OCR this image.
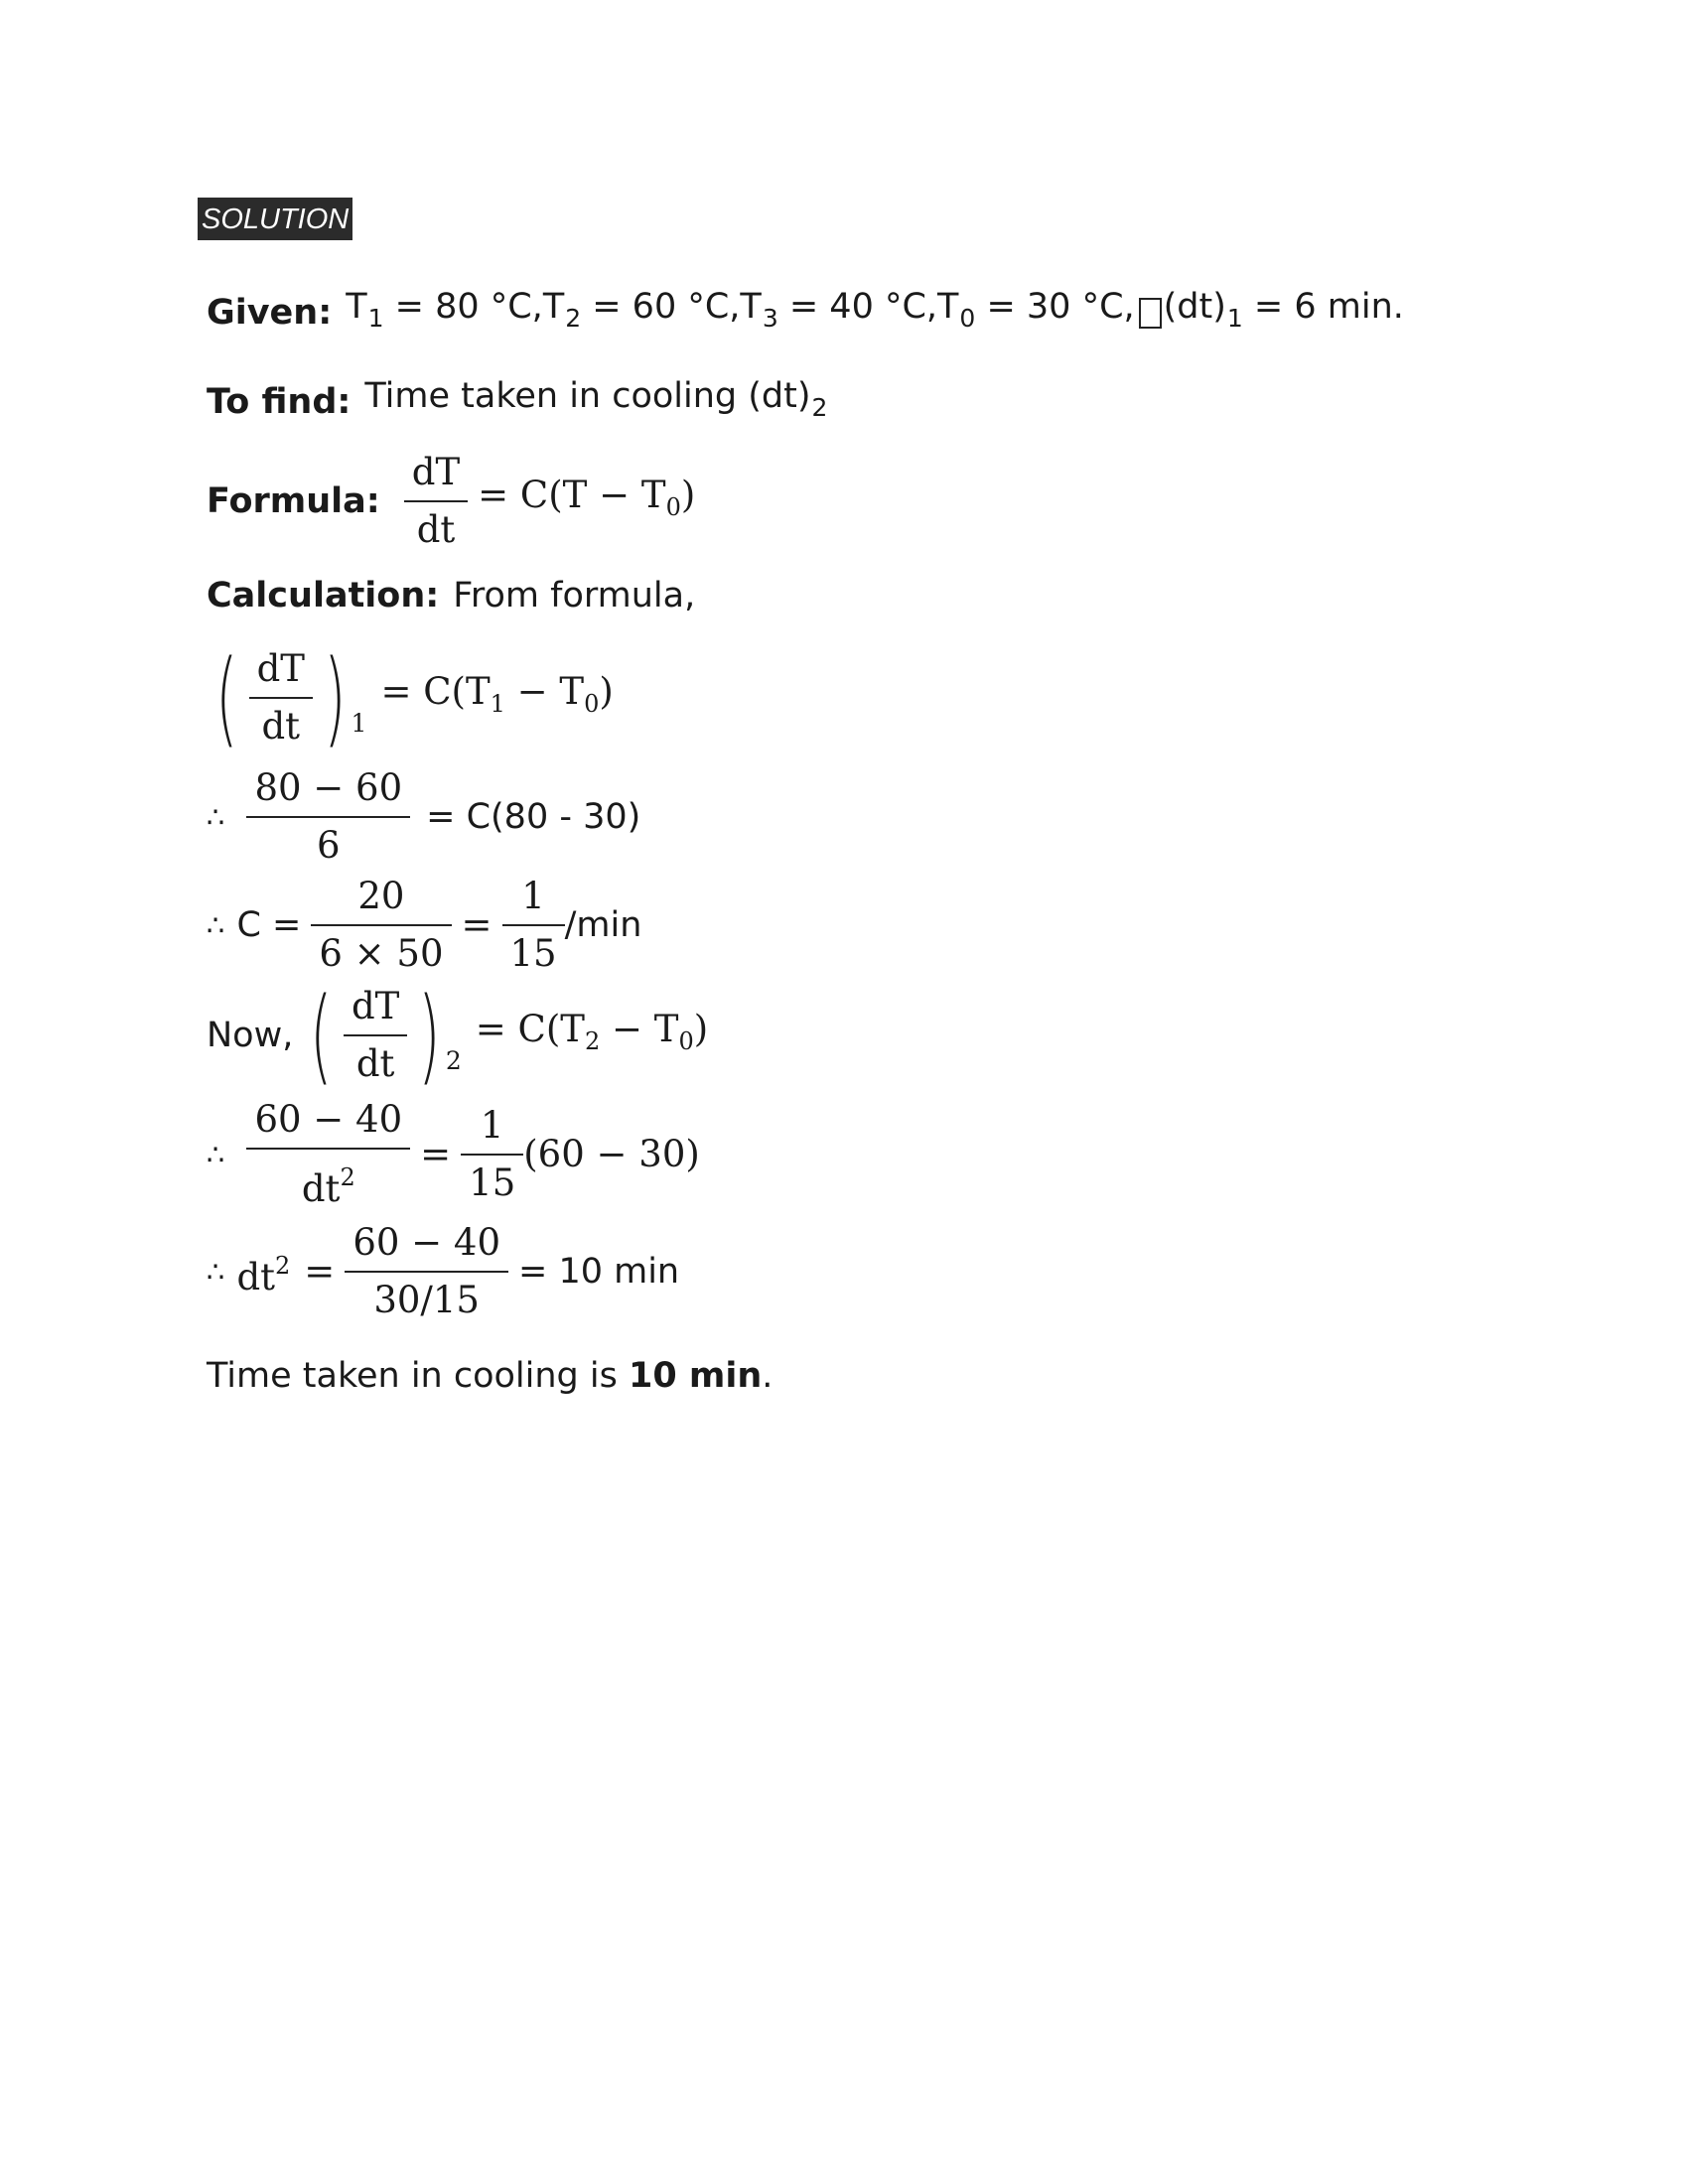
SOLUTION
Given: $T_1 = 80$ °C, $T_2 = 60$ °C, $T_3 = 40$ °C, $T_0 = 30$ °C, $(dt)_1 = 6$ min.
To find: Time taken in cooling $(dt)_2$
Formula: $\frac{dT}{dt} = C(T - T_0)$
Calculation: From formula,
( $\frac{dT}{dt}$ ) 1
= $C(T_1 - T_0)$
∴ $\frac{80 - 60}{6} = C(80 - 30)$
∴ $C = \frac{20}{6 \times 50} = \frac{1}{15} /\min$
Now, ( $\frac{dT}{dt}$ ) 2
= $C(T_2 - T_0)$
∴ $\frac{60 - 40}{dt^2} = \frac{1}{15} (60 - 30)$
∴ $dt^2 = \frac{60 - 40}{30/15} = 10$ min
Time taken in cooling is 10 min .
